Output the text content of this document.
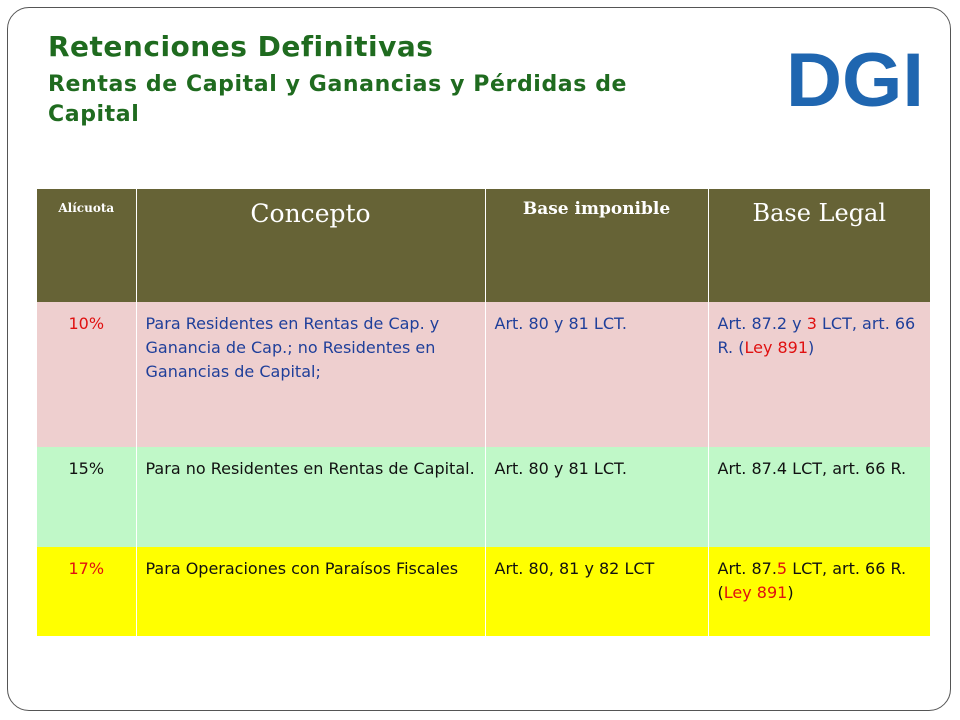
Retenciones Definitivas
Rentas de Capital y Ganancias y Pérdidas de Capital	DGI
Alícuota	Concepto	Base imponible	Base Legal

10%	Para Residentes en Rentas de Cap. y Ganancia de Cap.; no Residentes en Ganancias de Capital;	Art. 80 y 81 LCT.	Art. 87.2 y 3 LCT, art. 66 R. (Ley 891)
15%	Para no Residentes en Rentas de Capital.	Art. 80 y 81 LCT.	Art. 87.4 LCT, art. 66 R.
17%	Para Operaciones con Paraísos Fiscales	Art. 80, 81 y 82 LCT	Art. 87.5 LCT, art. 66 R. (Ley 891)
